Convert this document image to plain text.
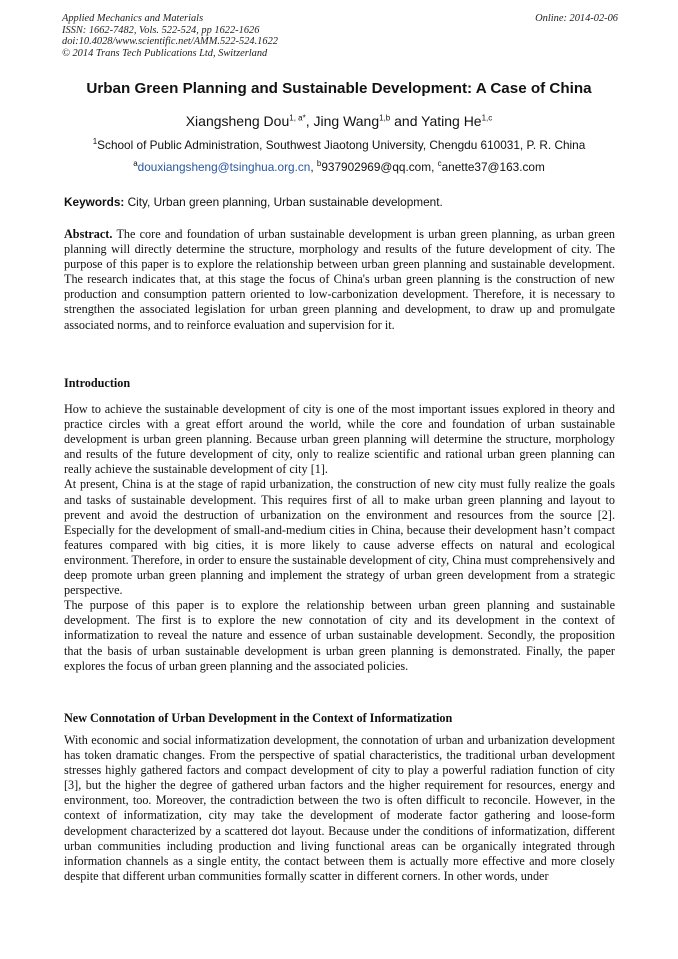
Applied Mechanics and Materials
ISSN: 1662-7482, Vols. 522-524, pp 1622-1626
doi:10.4028/www.scientific.net/AMM.522-524.1622
© 2014 Trans Tech Publications Ltd, Switzerland
Online: 2014-02-06
Urban Green Planning and Sustainable Development: A Case of China
Xiangsheng Dou$^{1, a*}$, Jing Wang$^{1,b}$ and Yating He$^{1,c}$
$^1$School of Public Administration, Southwest Jiaotong University, Chengdu 610031, P. R. China
$^a$douxiangsheng@tsinghua.org.cn, $^b$937902969@qq.com, $^c$anette37@163.com
Keywords: City, Urban green planning, Urban sustainable development.

Abstract. The core and foundation of urban sustainable development is urban green planning, as urban green planning will directly determine the structure, morphology and results of the future development of city. The purpose of this paper is to explore the relationship between urban green planning and sustainable development. The research indicates that, at this stage the focus of China's urban green planning is the construction of new production and consumption pattern oriented to low-carbonization development. Therefore, it is necessary to strengthen the associated legislation for urban green planning and development, to draw up and promulgate associated norms, and to reinforce evaluation and supervision for it.

Introduction

How to achieve the sustainable development of city is one of the most important issues explored in theory and practice circles with a great effort around the world, while the core and foundation of urban sustainable development is urban green planning. Because urban green planning will determine the structure, morphology and results of the future development of city, only to realize scientific and rational urban green planning can really achieve the sustainable development of city [1].

At present, China is at the stage of rapid urbanization, the construction of new city must fully realize the goals and tasks of sustainable development. This requires first of all to make urban green planning and layout to prevent and avoid the destruction of urbanization on the environment and resources from the source [2]. Especially for the development of small-and-medium cities in China, because their development hasn’t compact features compared with big cities, it is more likely to cause adverse effects on natural and ecological environment. Therefore, in order to ensure the sustainable development of city, China must comprehensively and deep promote urban green planning and implement the strategy of urban green development from a strategic perspective.

The purpose of this paper is to explore the relationship between urban green planning and sustainable development. The first is to explore the new connotation of city and its development in the context of informatization to reveal the nature and essence of urban sustainable development. Secondly, the proposition that the basis of urban sustainable development is urban green planning is demonstrated. Finally, the paper explores the focus of urban green planning and the associated policies.

New Connotation of Urban Development in the Context of Informatization

With economic and social informatization development, the connotation of urban and urbanization development has token dramatic changes. From the perspective of spatial characteristics, the traditional urban development stresses highly gathered factors and compact development of city to play a powerful radiation function of city [3], but the higher the degree of gathered urban factors and the higher requirement for resources, energy and environment, too. Moreover, the contradiction between the two is often difficult to reconcile. However, in the context of informatization, city may take the development of moderate factor gathering and loose-form development characterized by a scattered dot layout. Because under the conditions of informatization, different urban communities including production and living functional areas can be organically integrated through information channels as a single entity, the contact between them is actually more effective and more closely despite that different urban communities formally scatter in different corners. In other words, under
